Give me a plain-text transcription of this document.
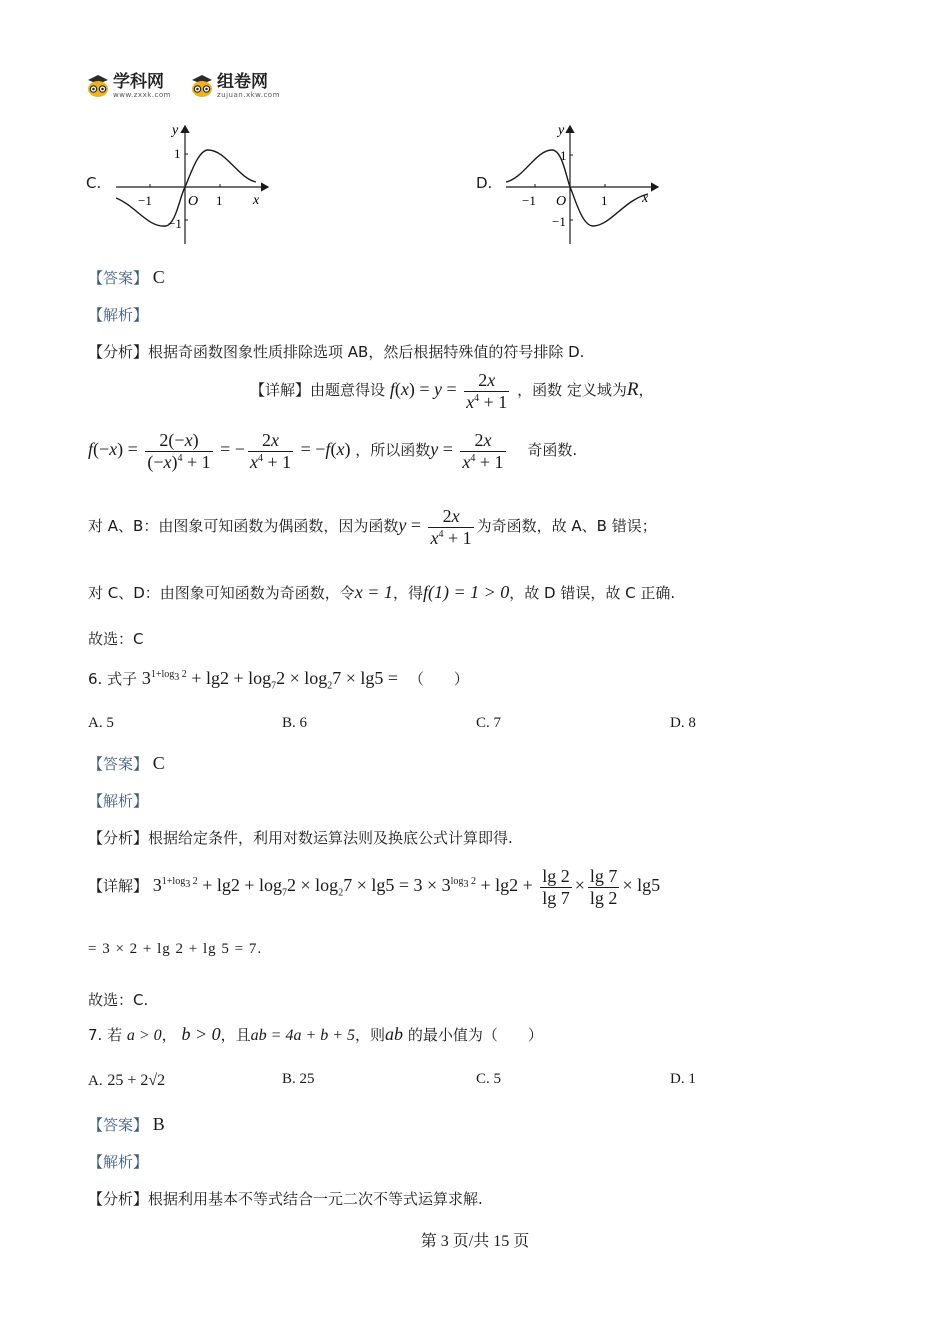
学科网
www.zxxk.com
组卷网
zujuan.xkw.com
C.
y
x
O 1
−1
1
−1
D.
y
x
O	1
−1
1
−1
【答案】 C
【解析】
【分析】根据奇函数图象性质排除选项 AB，然后根据特殊值的符号排除 D.
【详解】由题意得设 $f(x) = y = \frac{2x}{x^4 + 1}$ ，函数 定义域为R，
$f(-x) = \frac{2(-x)}{(-x)^4 + 1}$ = − $\frac{2x}{x^4 + 1} = -f(x)$ ，所以函数$y = \frac{2x}{x^4 + 1}$ 奇函数.
对 A、B：由图象可知函数为偶函数，因为函数$y = \frac{2x}{x^4 + 1}$ 为奇函数，故 A、B 错误；
对 C、D：由图象可知函数为奇函数，令x = 1，得f(1) = 1 > 0，故 D 错误，故 C 正确.
故选：C
6. 式子 $3^{1+log_3 2} + \lg 2 + \log_72 \times \log_27 \times \lg 5$ = （　　）
A. 5	B. 6	C. 7	D. 8
【答案】 C
【解析】
【分析】根据给定条件，利用对数运算法则及换底公式计算即得.
【详解】 $3^{1+log_3 2} + \lg 2 + \log_72 \times \log_27 \times \lg 5 = 3 \times 3^{log_3 2} + \lg 2 + \frac{\lg 2}{\lg 7} \times \frac{\lg 7}{\lg 2} \times \lg 5$
= 3 × 2 + lg 2 + lg 5 = 7.
故选：C.
7. 若 a > 0， b > 0，且ab = 4a + b + 5，则ab 的最小值为（　　）
A. 25 + 2√2	B. 25	C. 5	D. 1
【答案】 B
【解析】
【分析】根据利用基本不等式结合一元二次不等式运算求解.
第 3 页/共 15 页
